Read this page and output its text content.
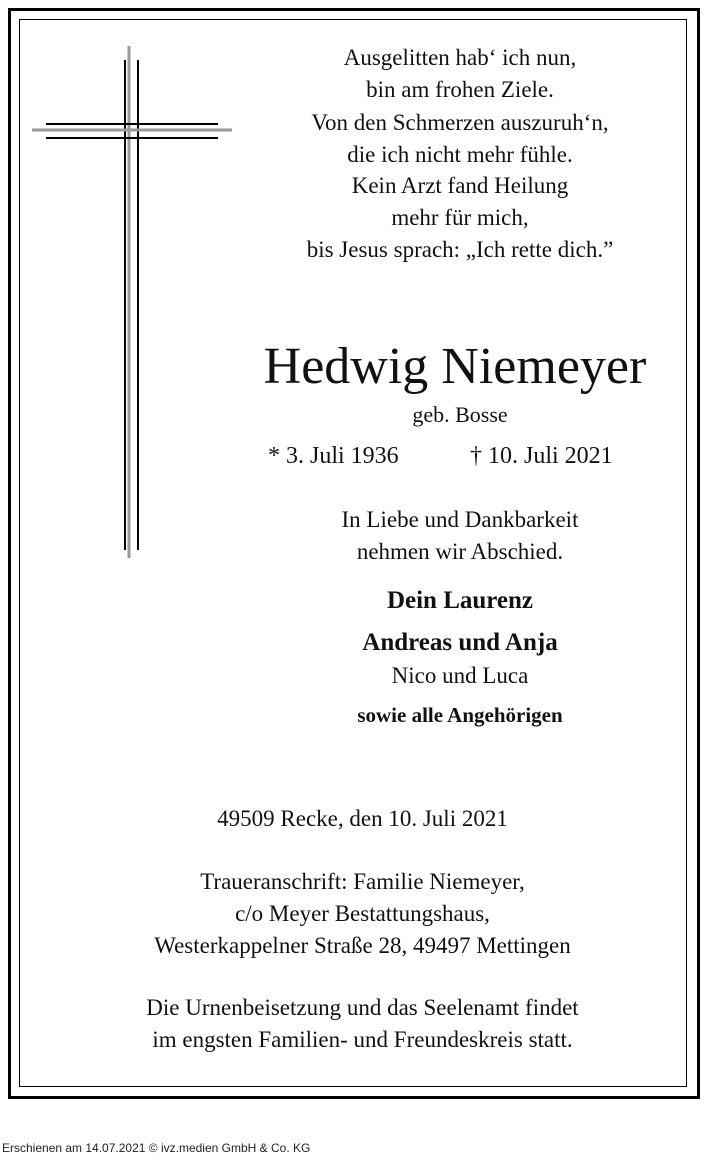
Ausgelitten hab‘ ich nun,
bin am frohen Ziele.
Von den Schmerzen auszuruh‘n,
die ich nicht mehr fühle.
Kein Arzt fand Heilung
mehr für mich,
bis Jesus sprach: „Ich rette dich.”
Hedwig Niemeyer
geb. Bosse
* 3. Juli 1936	† 10. Juli 2021
In Liebe und Dankbarkeit
nehmen wir Abschied.
Dein Laurenz
Andreas und Anja
Nico und Luca
sowie alle Angehörigen
49509 Recke, den 10. Juli 2021
Traueranschrift: Familie Niemeyer,
c/o Meyer Bestattungshaus,
Westerkappelner Straße 28, 49497 Mettingen
Die Urnenbeisetzung und das Seelenamt findet
im engsten Familien- und Freundeskreis statt.
Erschienen am 14.07.2021 © ivz.medien GmbH & Co. KG
